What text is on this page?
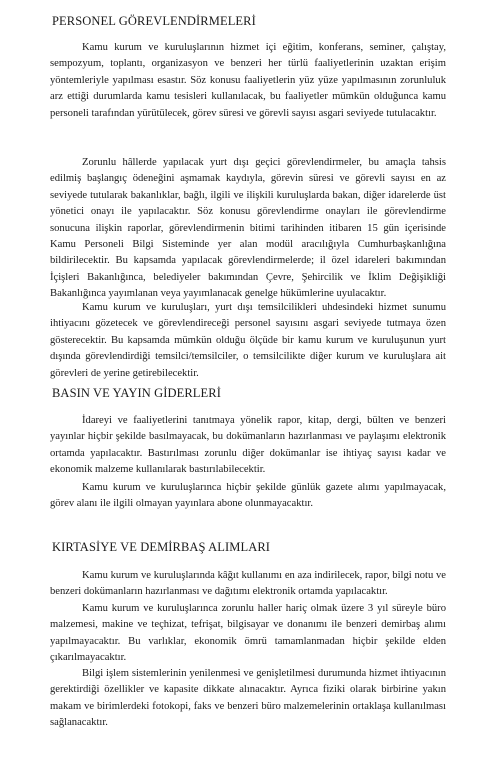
PERSONEL GÖREVLENDİRMELERİ

Kamu kurum ve kuruluşlarının hizmet içi eğitim, konferans, seminer, çalıştay, sempozyum, toplantı, organizasyon ve benzeri her türlü faaliyetlerinin uzaktan erişim yöntemleriyle yapılması esastır. Söz konusu faaliyetlerin yüz yüze yapılmasının zorunluluk arz ettiği durumlarda kamu tesisleri kullanılacak, bu faaliyetler mümkün olduğunca kamu personeli tarafından yürütülecek, görev süresi ve görevli sayısı asgari seviyede tutulacaktır.

Zorunlu hâllerde yapılacak yurt dışı geçici görevlendirmeler, bu amaçla tahsis edilmiş başlangıç ödeneğini aşmamak kaydıyla, görevin süresi ve görevli sayısı en az seviyede tutularak bakanlıklar, bağlı, ilgili ve ilişkili kuruluşlarda bakan, diğer idarelerde üst yönetici onayı ile yapılacaktır. Söz konusu görevlendirme onayları ile görevlendirme sonucuna ilişkin raporlar, görevlendirmenin bitimi tarihinden itibaren 15 gün içerisinde Kamu Personeli Bilgi Sisteminde yer alan modül aracılığıyla Cumhurbaşkanlığına bildirilecektir. Bu kapsamda yapılacak görevlendirmelerde; il özel idareleri bakımından İçişleri Bakanlığınca, belediyeler bakımından Çevre, Şehircilik ve İklim Değişikliği Bakanlığınca yayımlanan veya yayımlanacak genelge hükümlerine uyulacaktır.

Kamu kurum ve kuruluşları, yurt dışı temsilcilikleri uhdesindeki hizmet sunumu ihtiyacını gözetecek ve görevlendireceği personel sayısını asgari seviyede tutmaya özen gösterecektir. Bu kapsamda mümkün olduğu ölçüde bir kamu kurum ve kuruluşunun yurt dışında görevlendirdiği temsilci/temsilciler, o temsilcilikte diğer kurum ve kuruluşlara ait görevleri de yerine getirebilecektir.

BASIN VE YAYIN GİDERLERİ

İdareyi ve faaliyetlerini tanıtmaya yönelik rapor, kitap, dergi, bülten ve benzeri yayınlar hiçbir şekilde basılmayacak, bu dokümanların hazırlanması ve paylaşımı elektronik ortamda yapılacaktır. Bastırılması zorunlu diğer dokümanlar ise ihtiyaç sayısı kadar ve ekonomik malzeme kullanılarak bastırılabilecektir.

Kamu kurum ve kuruluşlarınca hiçbir şekilde günlük gazete alımı yapılmayacak, görev alanı ile ilgili olmayan yayınlara abone olunmayacaktır.

KIRTASİYE VE DEMİRBAŞ ALIMLARI

Kamu kurum ve kuruluşlarında kâğıt kullanımı en aza indirilecek, rapor, bilgi notu ve benzeri dokümanların hazırlanması ve dağıtımı elektronik ortamda yapılacaktır.

Kamu kurum ve kuruluşlarınca zorunlu haller hariç olmak üzere 3 yıl süreyle büro malzemesi, makine ve teçhizat, tefrişat, bilgisayar ve donanımı ile benzeri demirbaş alımı yapılmayacaktır. Bu varlıklar, ekonomik ömrü tamamlanmadan hiçbir şekilde elden çıkarılmayacaktır.

Bilgi işlem sistemlerinin yenilenmesi ve genişletilmesi durumunda hizmet ihtiyacının gerektirdiği özellikler ve kapasite dikkate alınacaktır. Ayrıca fiziki olarak birbirine yakın makam ve birimlerdeki fotokopi, faks ve benzeri büro malzemelerinin ortaklaşa kullanılması sağlanacaktır.
